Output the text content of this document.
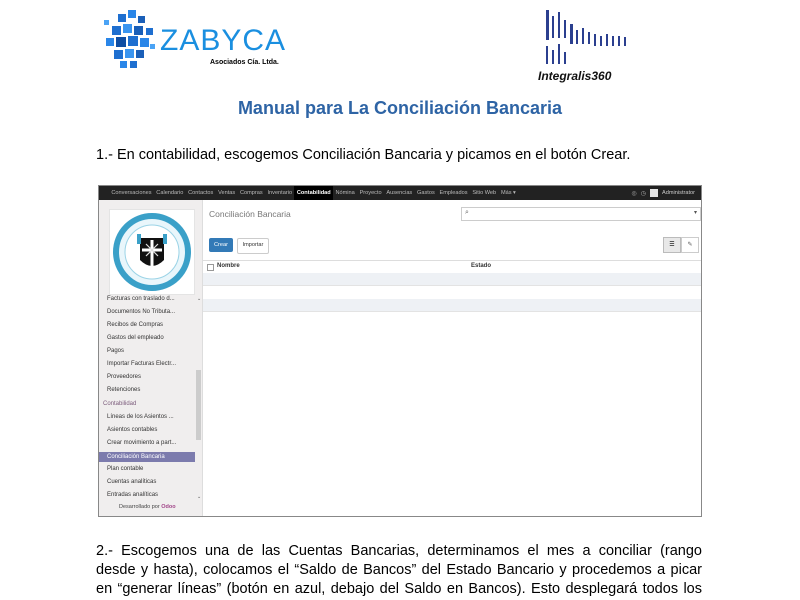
ZABYCA
Asociados Cía. Ltda.
Integralis360
Manual para La Conciliación Bancaria
1.- En contabilidad, escogemos Conciliación Bancaria y picamos en el botón Crear.
Conversaciones Calendario Contactos Ventas Compras Inventario Contabilidad Nómina Proyecto Ausencias Gastos Empleados Sitio Web Más ▾	◎ ◷	Administrator
Facturas con traslado d...
Documentos No Tributa...
Recibos de Compras
Gastos del empleado
Pagos
Importar Facturas Electr...
Proveedores
Retenciones
Contabilidad
Líneas de los Asientos ...
Asientos contables
Crear movimiento a part...
Conciliación Bancaria
Plan contable
Cuentas analíticas
Entradas analíticas
⌄
⌄
Desarrollado por Odoo
Conciliación Bancaria	⌕	▾
Crear	Importar	☰	✎
Nombre	Estado
2.- Escogemos una de las Cuentas Bancarias, determinamos el mes a conciliar (rango
desde y hasta), colocamos el “Saldo de Bancos” del Estado Bancario y procedemos a picar
en “generar líneas” (botón en azul, debajo del Saldo en Bancos). Esto desplegará todos los
